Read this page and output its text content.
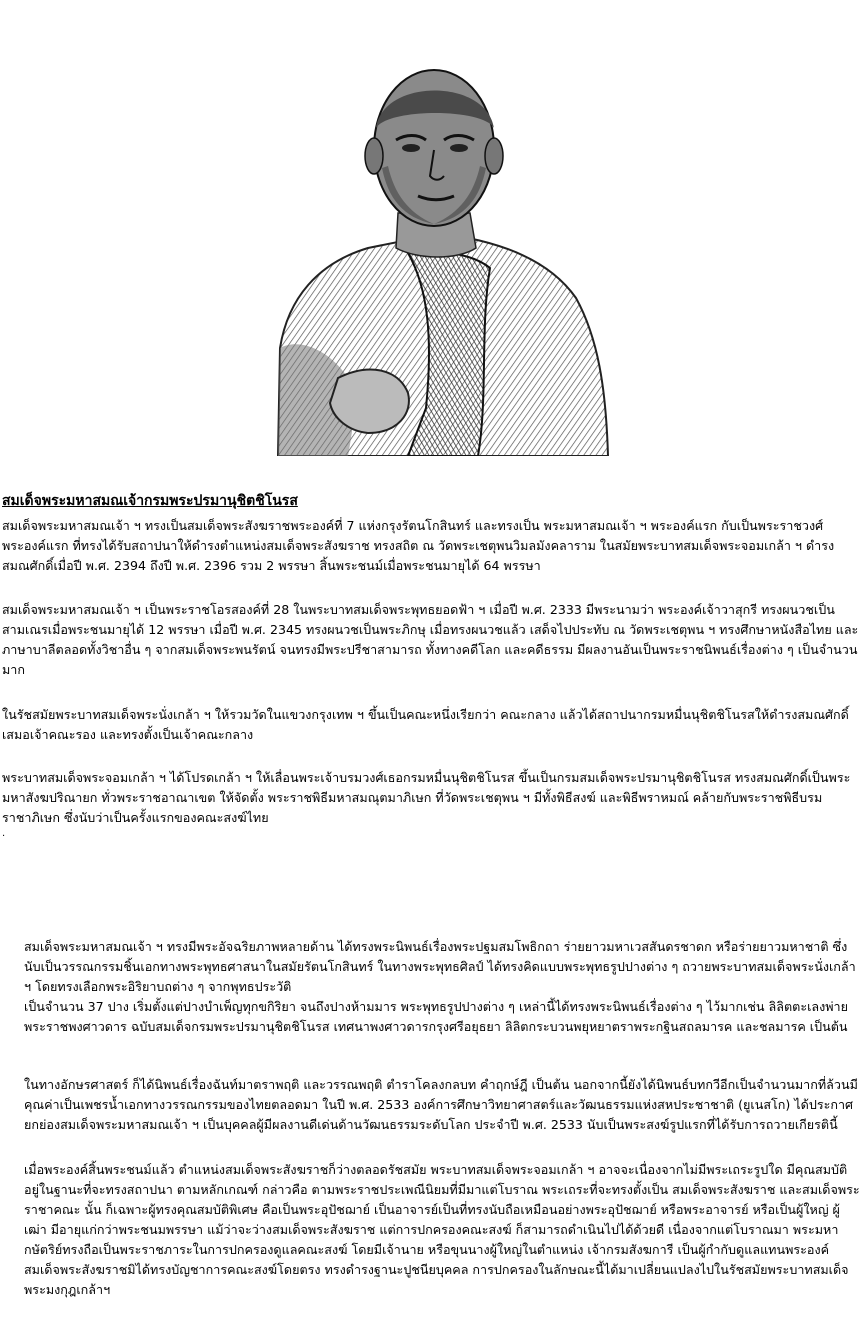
สมเด็จพระมหาสมณเจ้ากรมพระปรมานุชิตชิโนรส

สมเด็จพระมหาสมณเจ้า ฯ ทรงเป็นสมเด็จพระสังฆราชพระองค์ที่ 7 แห่งกรุงรัตนโกสินทร์ และทรงเป็น พระมหาสมณเจ้า ฯ พระองค์แรก กับเป็นพระราชวงศ์พระองค์แรก ที่ทรงได้รับสถาปนาให้ดำรงตำแหน่งสมเด็จพระสังฆราช ทรงสถิต ณ วัดพระเชตุพนวิมลมังคลาราม ในสมัยพระบาทสมเด็จพระจอมเกล้า ฯ ดำรงสมณศักดิ์เมื่อปี พ.ศ. 2394 ถึงปี พ.ศ. 2396 รวม 2 พรรษา สิ้นพระชนม์เมื่อพระชนมายุได้ 64 พรรษา

สมเด็จพระมหาสมณเจ้า ฯ เป็นพระราชโอรสองค์ที่ 28 ในพระบาทสมเด็จพระพุทธยอดฟ้า ฯ เมื่อปี พ.ศ. 2333 มีพระนามว่า พระองค์เจ้าวาสุกรี ทรงผนวชเป็นสามเณรเมื่อพระชนมายุได้ 12 พรรษา เมื่อปี พ.ศ. 2345 ทรงผนวชเป็นพระภิกษุ เมื่อทรงผนวชแล้ว เสด็จไปประทับ ณ วัดพระเชตุพน ฯ ทรงศึกษาหนังสือไทย และภาษาบาลีตลอดทั้งวิชาอื่น ๆ จากสมเด็จพระพนรัตน์ จนทรงมีพระปรีชาสามารถ ทั้งทางคดีโลก และคดีธรรม มีผลงานอันเป็นพระราชนิพนธ์เรื่องต่าง ๆ เป็นจำนวนมาก

ในรัชสมัยพระบาทสมเด็จพระนั่งเกล้า ฯ ให้รวมวัดในแขวงกรุงเทพ ฯ ขึ้นเป็นคณะหนึ่งเรียกว่า คณะกลาง แล้วได้สถาปนากรมหมื่นนุชิตชิโนรสให้ดำรงสมณศักดิ์เสมอเจ้าคณะรอง และทรงตั้งเป็นเจ้าคณะกลาง

พระบาทสมเด็จพระจอมเกล้า ฯ ได้โปรดเกล้า ฯ ให้เลื่อนพระเจ้าบรมวงศ์เธอกรมหมื่นนุชิตชิโนรส ขึ้นเป็นกรมสมเด็จพระปรมานุชิตชิโนรส ทรงสมณศักดิ์เป็นพระมหาสังฆปริณายก ทั่วพระราชอาณาเขต ให้จัดตั้ง พระราชพิธีมหาสมณุตมาภิเษก ที่วัดพระเชตุพน ฯ มีทั้งพิธีสงฆ์ และพิธีพราหมณ์ คล้ายกับพระราชพิธีบรมราชาภิเษก ซึ่งนับว่าเป็นครั้งแรกของคณะสงฆ์ไทย

.

สมเด็จพระมหาสมณเจ้า ฯ ทรงมีพระอัจฉริยภาพหลายด้าน ได้ทรงพระนิพนธ์เรื่องพระปฐมสมโพธิกถา ร่ายยาวมหาเวสสันดรชาดก หรือร่ายยาวมหาชาติ ซึ่งนับเป็นวรรณกรรมชิ้นเอกทางพระพุทธศาสนาในสมัยรัตนโกสินทร์ ในทางพระพุทธศิลป์ ได้ทรงคิดแบบพระพุทธรูปปางต่าง ๆ ถวายพระบาทสมเด็จพระนั่งเกล้า ฯ โดยทรงเลือกพระอิริยาบถต่าง ๆ จากพุทธประวัติ
เป็นจำนวน 37 ปาง เริ่มตั้งแต่ปางบำเพ็ญทุกขกิริยา จนถึงปางห้ามมาร พระพุทธรูปปางต่าง ๆ เหล่านี้ได้ทรงพระนิพนธ์เรื่องต่าง ๆ ไว้มากเช่น ลิลิตตะเลงพ่าย พระราชพงศาวดาร ฉบับสมเด็จกรมพระปรมานุชิตชิโนรส เทศนาพงศาวดารกรุงศรีอยุธยา ลิลิตกระบวนพยุหยาตราพระกฐินสถลมารค และชลมารค เป็นต้น

ในทางอักษรศาสตร์ ก็ได้นิพนธ์เรื่องฉันท์มาตราพฤติ และวรรณพฤติ ตำราโคลงกลบท คำฤกษ์ฎี เป็นต้น นอกจากนี้ยังได้นิพนธ์บทกวีอีกเป็นจำนวนมากที่ล้วนมีคุณค่าเป็นเพชรน้ำเอกทางวรรณกรรมของไทยตลอดมา ในปี พ.ศ. 2533 องค์การศึกษาวิทยาศาสตร์และวัฒนธรรมแห่งสหประชาชาติ (ยูเนสโก) ได้ประกาศยกย่องสมเด็จพระมหาสมณเจ้า ฯ เป็นบุคคลผู้มีผลงานดีเด่นด้านวัฒนธรรมระดับโลก ประจำปี พ.ศ. 2533 นับเป็นพระสงฆ์รูปแรกที่ได้รับการถวายเกียรตินี้

เมื่อพระองค์สิ้นพระชนม์แล้ว ตำแหน่งสมเด็จพระสังฆราชก็ว่างตลอดรัชสมัย พระบาทสมเด็จพระจอมเกล้า ฯ อาจจะเนื่องจากไม่มีพระเถระรูปใด มีคุณสมบัติอยู่ในฐานะที่จะทรงสถาปนา ตามหลักเกณฑ์ กล่าวคือ ตามพระราชประเพณีนิยมที่มีมาแต่โบราณ พระเถระที่จะทรงตั้งเป็น สมเด็จพระสังฆราช และสมเด็จพระราชาคณะ นั้น ก็เฉพาะผู้ทรงคุณสมบัติพิเศษ คือเป็นพระอุปัชฌาย์ เป็นอาจารย์เป็นที่ทรงนับถือเหมือนอย่างพระอุปัชฌาย์ หรือพระอาจารย์ หรือเป็นผู้ใหญ่ ผู้เฒ่า มีอายุแก่กว่าพระชนมพรรษา แม้ว่าจะว่างสมเด็จพระสังฆราช แต่การปกครองคณะสงฆ์ ก็สามารถดำเนินไปได้ด้วยดี เนื่องจากแต่โบราณมา พระมหากษัตริย์ทรงถือเป็นพระราชภาระในการปกครองดูแลคณะสงฆ์ โดยมีเจ้านาย หรือขุนนางผู้ใหญ่ในตำแหน่ง เจ้ากรมสังฆการี เป็นผู้กำกับดูแลแทนพระองค์ สมเด็จพระสังฆราชมิได้ทรงบัญชาการคณะสงฆ์โดยตรง ทรงดำรงฐานะปูชนียบุคคล การปกครองในลักษณะนี้ได้มาเปลี่ยนแปลงไปในรัชสมัยพระบาทสมเด็จพระมงกุฎเกล้าฯ
